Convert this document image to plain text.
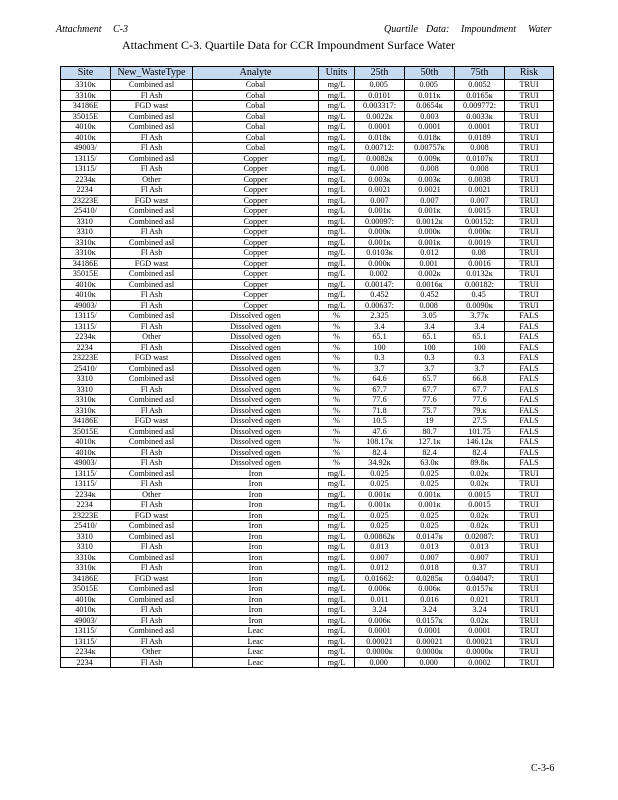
Attachment C-3	Quartile Data: Impoundment Water
Attachment C-3. Quartile Data for CCR Impoundment Surface Water
Site	New_WasteType	Analyte	Units	25th	50th	75th	Risk
3310ĸ	Combined asl	Cobal	mg/L	0.005 	0.005 	0.0052	TRUI
3310ĸ	Fl Ash	Cobal	mg/L	0.0101	0.011ĸ	0.0165ĸ	TRUI
34186E	FGD wast	Cobal	mg/L	0.003317:	0.0654ĸ	0.009772:	TRUI
35015E	Combined asl	Cobal	mg/L	0.0022ĸ	0.003	0.0033ĸ	TRUI
4010ĸ	Combined asl	Cobal	mg/L	0.0001	0.0001	0.0001	TRUI
4010ĸ	Fl Ash	Cobal	mg/L	0.018ĸ	0.018ĸ	0.0189	TRUI
49003/	Fl Ash	Cobal	mg/L	0.00712:	0.00757ĸ	0.008	TRUI
13115/	Combined asl	Copper	mg/L	0.0082ĸ	0.009ĸ	0.0107ĸ	TRUI
13115/	Fl Ash	Copper	mg/L	0.008	0.008	0.008	TRUI
2234ĸ	Other	Copper	mg/L	0.003ĸ	0.003ĸ	0.0038	TRUI
2234 	Fl Ash	Copper	mg/L	0.0021	0.0021	0.0021	TRUI
23223E	FGD wast	Copper	mg/L	0.007	0.007	0.007	TRUI
25410/	Combined asl	Copper	mg/L	0.001ĸ	0.001ĸ	0.0015	TRUI
3310 	Combined asl	Copper	mg/L	0.00097:	0.0012ĸ	0.00152:	TRUI
3310 	Fl Ash	Copper	mg/L	0.000ĸ	0.000ĸ	0.000ĸ	TRUI
3310ĸ	Combined asl	Copper	mg/L	0.001ĸ	0.001ĸ	0.0019	TRUI
3310ĸ	Fl Ash	Copper	mg/L	0.0103ĸ	0.012	0.08 	TRUI
34186E	FGD wast	Copper	mg/L	0.000ĸ	0.001 	0.0016	TRUI
35015E	Combined asl	Copper	mg/L	0.002 	0.002ĸ	0.0132ĸ	TRUI
4010ĸ	Combined asl	Copper	mg/L	0.00147:	0.0016ĸ	0.00182:	TRUI
4010ĸ	Fl Ash	Copper	mg/L	0.452	0.452	0.45 	TRUI
49003/	Fl Ash	Copper	mg/L	0.00637:	0.008 	0.0090ĸ	TRUI
13115/	Combined asl	Dissolved ogen	%	2.325	3.05	3.77ĸ	FALS
13115/	Fl Ash	Dissolved ogen	%	3.4	3.4	3.4	FALS
2234ĸ	Other	Dissolved ogen	%	65.1	65.1	65.1	FALS
2234 	Fl Ash	Dissolved ogen	%	100	100	100	FALS
23223E	FGD wast	Dissolved ogen	%	0.3	0.3	0.3	FALS
25410/	Combined asl	Dissolved ogen	%	3.7	3.7	3.7	FALS
3310 	Combined asl	Dissolved ogen	%	64.6	65.7	66.8	FALS
3310 	Fl Ash	Dissolved ogen	%	67.7	67.7	67.7	FALS
3310ĸ	Combined asl	Dissolved ogen	%	77.6	77.6	77.6	FALS
3310ĸ	Fl Ash	Dissolved ogen	%	71.8	75.7	79.ĸ	FALS
34186E	FGD wast	Dissolved ogen	%	10.5	19	27.5	FALS
35015E	Combined asl	Dissolved ogen	%	47.6	80.7	101.75	FALS
4010ĸ	Combined asl	Dissolved ogen	%	108.17ĸ	127.1ĸ	146.12ĸ	FALS
4010ĸ	Fl Ash	Dissolved ogen	%	82.4	82.4	82.4	FALS
49003/	Fl Ash	Dissolved ogen	%	34.92ĸ	63.0ĸ	89.8ĸ	FALS
13115/	Combined asl	Iron	mg/L	0.025	0.025	0.02ĸ	TRUI
13115/	Fl Ash	Iron	mg/L	0.025	0.025	0.02ĸ	TRUI
2234ĸ	Other	Iron	mg/L	0.001ĸ	0.001ĸ	0.0015	TRUI
2234 	Fl Ash	Iron	mg/L	0.001ĸ	0.001ĸ	0.0015	TRUI
23223E	FGD wast	Iron	mg/L	0.025	0.025	0.02ĸ	TRUI
25410/	Combined asl	Iron	mg/L	0.025	0.025	0.02ĸ	TRUI
3310 	Combined asl	Iron	mg/L	0.00862ĸ	0.0147ĸ	0.02087:	TRUI
3310 	Fl Ash	Iron	mg/L	0.013	0.013	0.013	TRUI
3310ĸ	Combined asl	Iron	mg/L	0.007	0.007	0.007	TRUI
3310ĸ	Fl Ash	Iron	mg/L	0.012	0.018	0.37	TRUI
34186E	FGD wast	Iron	mg/L	0.01662:	0.0285ĸ	0.04047:	TRUI
35015E	Combined asl	Iron	mg/L	0.006ĸ	0.006ĸ	0.0157ĸ	TRUI
4010ĸ	Combined asl	Iron	mg/L	0.011	0.016	0.021	TRUI
4010ĸ	Fl Ash	Iron	mg/L	3.24	3.24	3.24	TRUI
49003/	Fl Ash	Iron	mg/L	0.006ĸ	0.0157ĸ	0.02ĸ	TRUI
13115/	Combined asl	Leac	mg/L	0.0001	0.0001	0.0001	TRUI
13115/	Fl Ash	Leac	mg/L	0.00021	0.00021	0.00021	TRUI
2234ĸ	Other	Leac	mg/L	0.0000ĸ	0.0000ĸ	0.0000ĸ	TRUI
2234 	Fl Ash	Leac	mg/L	0.000 	0.000 	0.0002	TRUI
C-3-6
